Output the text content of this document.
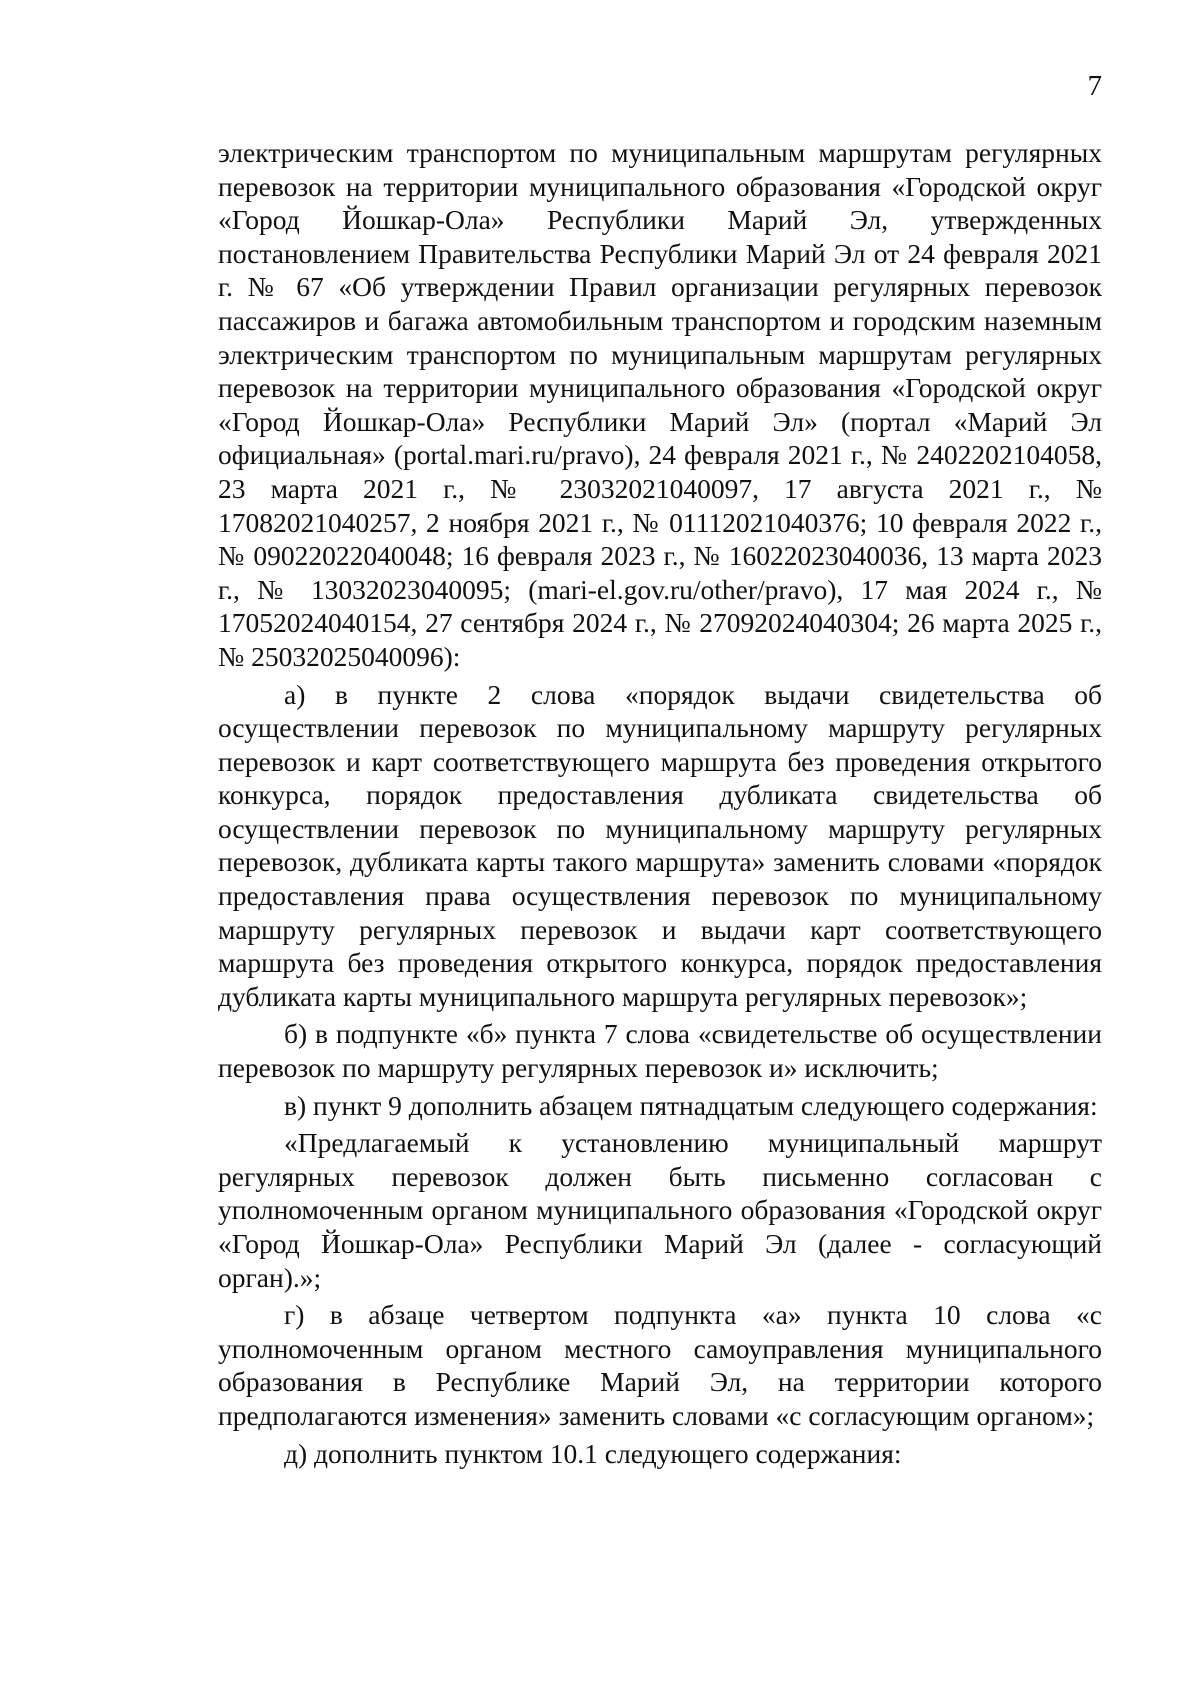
7

электрическим транспортом по муниципальным маршрутам регулярных перевозок на территории муниципального образования «Городской округ «Город Йошкар-Ола» Республики Марий Эл, утвержденных постановлением Правительства Республики Марий Эл от 24 февраля 2021 г. № 67 «Об утверждении Правил организации регулярных перевозок пассажиров и багажа автомобильным транспортом и городским наземным электрическим транспортом по муниципальным маршрутам регулярных перевозок на территории муниципального образования «Городской округ «Город Йошкар-Ола» Республики Марий Эл» (портал «Марий Эл официальная» (portal.mari.ru/pravo), 24 февраля 2021 г., № 2402202104058, 23 марта 2021 г., № 23032021040097, 17 августа 2021 г., № 17082021040257, 2 ноября 2021 г., № 01112021040376; 10 февраля 2022 г., № 09022022040048; 16 февраля 2023 г., № 16022023040036, 13 марта 2023 г., № 13032023040095; (mari-el.gov.ru/other/pravo), 17 мая 2024 г., № 17052024040154, 27 сентября 2024 г., № 27092024040304; 26 марта 2025 г., № 25032025040096):

а) в пункте 2 слова «порядок выдачи свидетельства об осуществлении перевозок по муниципальному маршруту регулярных перевозок и карт соответствующего маршрута без проведения открытого конкурса, порядок предоставления дубликата свидетельства об осуществлении перевозок по муниципальному маршруту регулярных перевозок, дубликата карты такого маршрута» заменить словами «порядок предоставления права осуществления перевозок по муниципальному маршруту регулярных перевозок и выдачи карт соответствующего маршрута без проведения открытого конкурса, порядок предоставления дубликата карты муниципального маршрута регулярных перевозок»;

б) в подпункте «б» пункта 7 слова «свидетельстве об осуществлении перевозок по маршруту регулярных перевозок и» исключить;

в) пункт 9 дополнить абзацем пятнадцатым следующего содержания:

«Предлагаемый к установлению муниципальный маршрут регулярных перевозок должен быть письменно согласован с уполномоченным органом муниципального образования «Городской округ «Город Йошкар-Ола» Республики Марий Эл (далее - согласующий орган).»;

г) в абзаце четвертом подпункта «а» пункта 10 слова «с уполномоченным органом местного самоуправления муниципального образования в Республике Марий Эл, на территории которого предполагаются изменения» заменить словами «с согласующим органом»;

д) дополнить пунктом 10.1 следующего содержания:
